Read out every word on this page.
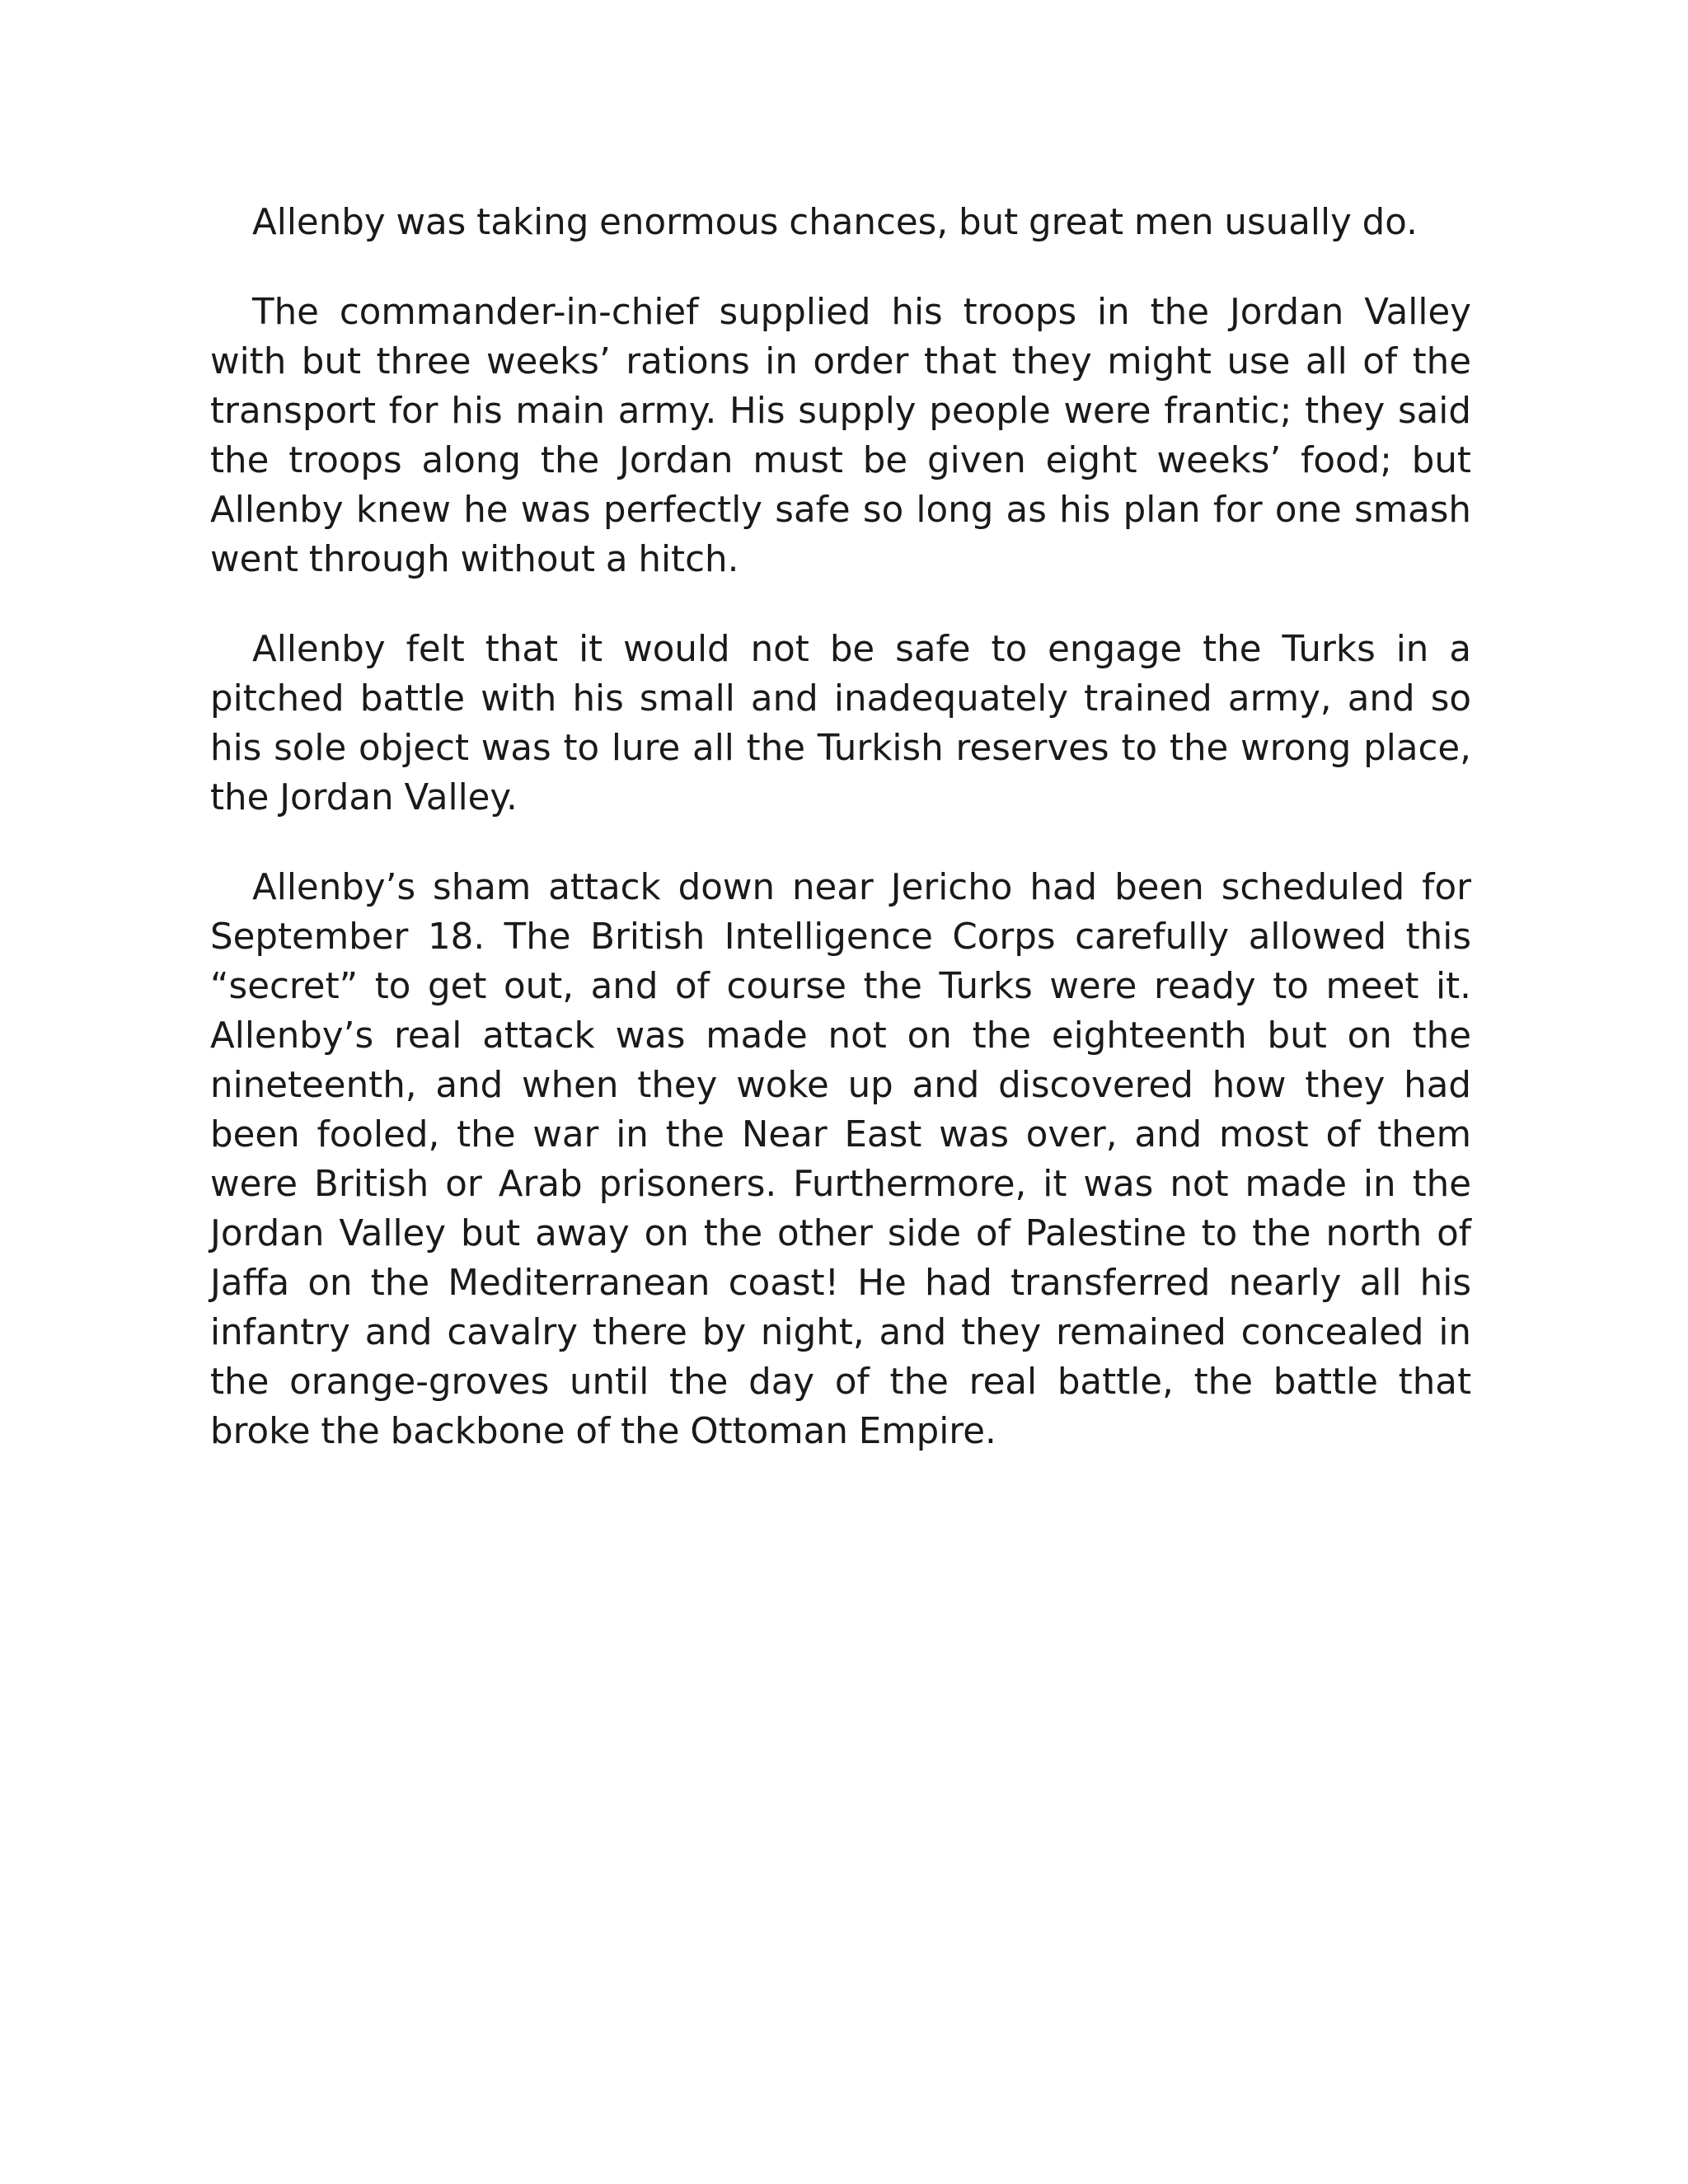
Allenby was taking enormous chances, but great men usually do.

The commander-in-chief supplied his troops in the Jordan Valley with but three weeks’ rations in order that they might use all of the transport for his main army. His supply people were frantic; they said the troops along the Jordan must be given eight weeks’ food; but Allenby knew he was perfectly safe so long as his plan for one smash went through without a hitch.

Allenby felt that it would not be safe to engage the Turks in a pitched battle with his small and inadequately trained army, and so his sole object was to lure all the Turkish reserves to the wrong place, the Jordan Valley.

Allenby’s sham attack down near Jericho had been scheduled for September 18. The British Intelligence Corps carefully allowed this “secret” to get out, and of course the Turks were ready to meet it. Allenby’s real attack was made not on the eighteenth but on the nineteenth, and when they woke up and discovered how they had been fooled, the war in the Near East was over, and most of them were British or Arab prisoners. Furthermore, it was not made in the Jordan Valley but away on the other side of Palestine to the north of Jaffa on the Mediterranean coast! He had transferred nearly all his infantry and cavalry there by night, and they remained concealed in the orange-groves until the day of the real battle, the battle that broke the backbone of the Ottoman Empire.
